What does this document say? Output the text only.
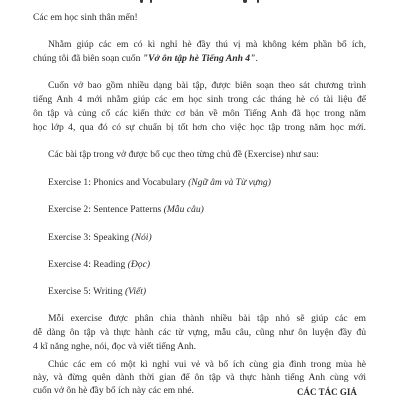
Các em học sinh thân mến!
Nhằm giúp các em có kì nghỉ hè đầy thú vị mà không kém phần bổ ích,
chúng tôi đã biên soạn cuốn "Vở ôn tập hè Tiếng Anh 4".
Cuốn vở bao gồm nhiều dạng bài tập, được biên soạn theo sát chương trình
tiếng Anh 4 mới nhằm giúp các em học sinh trong các tháng hè có tài liệu để
ôn tập và củng cố các kiến thức cơ bản về môn Tiếng Anh đã học trong năm
học lớp 4, qua đó có sự chuẩn bị tốt hơn cho việc học tập trong năm học mới.
Các bài tập trong vở được bố cục theo từng chủ đề (Exercise) như sau:
Exercise 1: Phonics and Vocabulary (Ngữ âm và Từ vựng)
Exercise 2: Sentence Patterns (Mẫu câu)
Exercise 3: Speaking (Nói)
Exercise 4: Reading (Đọc)
Exercise 5: Writing (Viết)
Mỗi exercise được phân chia thành nhiều bài tập nhỏ sẽ giúp các em
dễ dàng ôn tập và thực hành các từ vựng, mẫu câu, cũng như ôn luyện đầy đủ
4 kĩ năng nghe, nói, đọc và viết tiếng Anh.
Chúc các em có một kì nghỉ vui vẻ và bổ ích cùng gia đình trong mùa hè
này, và đừng quên dành thời gian để ôn tập và thực hành tiếng Anh cùng với
cuốn vở ôn hè đầy bổ ích này các em nhé.	CÁC TÁC GIẢ
